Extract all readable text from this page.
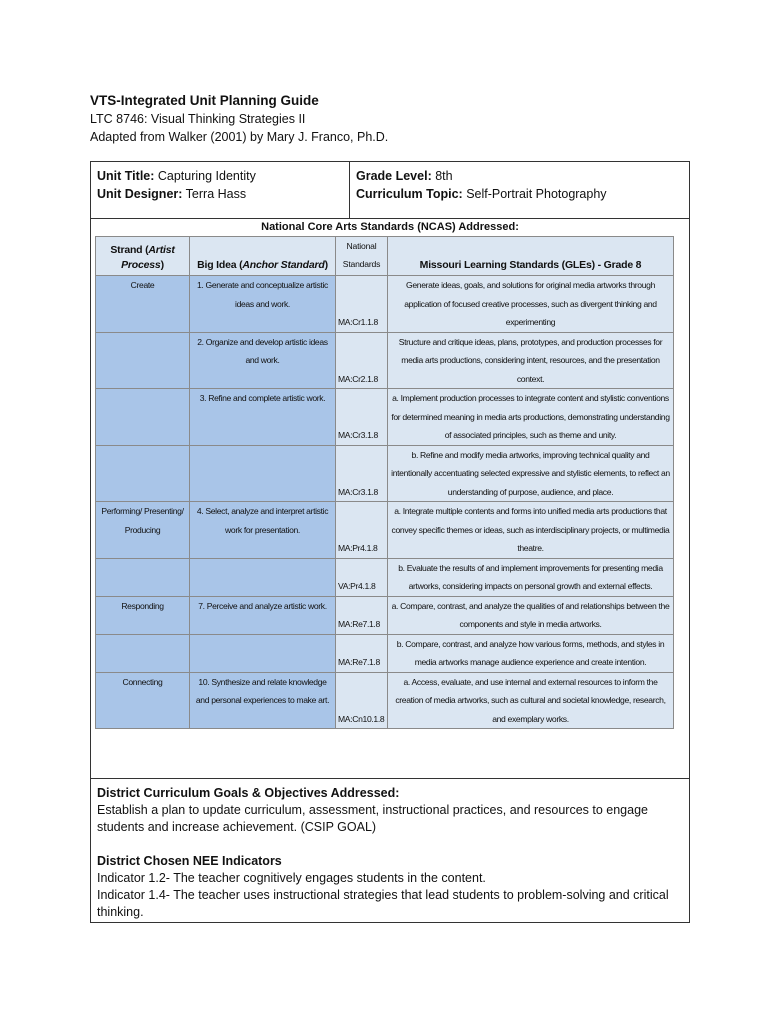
VTS-Integrated Unit Planning Guide
LTC 8746: Visual Thinking Strategies II
Adapted from Walker (2001) by Mary J. Franco, Ph.D.
Unit Title: Capturing Identity
Unit Designer: Terra Hass
Grade Level: 8th
Curriculum Topic: Self-Portrait Photography
National Core Arts Standards (NCAS) Addressed:
Strand (Artist Process)	Big Idea (Anchor Standard)	National Standards	Missouri Learning Standards (GLEs) - Grade 8
Create	1. Generate and conceptualize artistic ideas and work.	MA:Cr1.1.8	Generate ideas, goals, and solutions for original media artworks through application of focused creative processes, such as divergent thinking and experimenting
	2. Organize and develop artistic ideas and work.	MA:Cr2.1.8	Structure and critique ideas, plans, prototypes, and production processes for media arts productions, considering intent, resources, and the presentation context.
	3. Refine and complete artistic work.	MA:Cr3.1.8	a. Implement production processes to integrate content and stylistic conventions for determined meaning in media arts productions, demonstrating understanding of associated principles, such as theme and unity.
		MA:Cr3.1.8	b. Refine and modify media artworks, improving technical quality and intentionally accentuating selected expressive and stylistic elements, to reflect an understanding of purpose, audience, and place.
Performing/ Presenting/ Producing	4. Select, analyze and interpret artistic work for presentation.	MA:Pr4.1.8	a. Integrate multiple contents and forms into unified media arts productions that convey specific themes or ideas, such as interdisciplinary projects, or multimedia theatre.
		VA:Pr4.1.8	b. Evaluate the results of and implement improvements for presenting media artworks, considering impacts on personal growth and external effects.
Responding	7. Perceive and analyze artistic work.	MA:Re7.1.8	a. Compare, contrast, and analyze the qualities of and relationships between the components and style in media artworks.
		MA:Re7.1.8	b. Compare, contrast, and analyze how various forms, methods, and styles in media artworks manage audience experience and create intention.
Connecting	10. Synthesize and relate knowledge and personal experiences to make art.	MA:Cn10.1.8	a. Access, evaluate, and use internal and external resources to inform the creation of media artworks, such as cultural and societal knowledge, research, and exemplary works.
District Curriculum Goals & Objectives Addressed:
Establish a plan to update curriculum, assessment, instructional practices, and resources to engage students and increase achievement. (CSIP GOAL)
District Chosen NEE Indicators
Indicator 1.2- The teacher cognitively engages students in the content.
Indicator 1.4- The teacher uses instructional strategies that lead students to problem-solving and critical thinking.
